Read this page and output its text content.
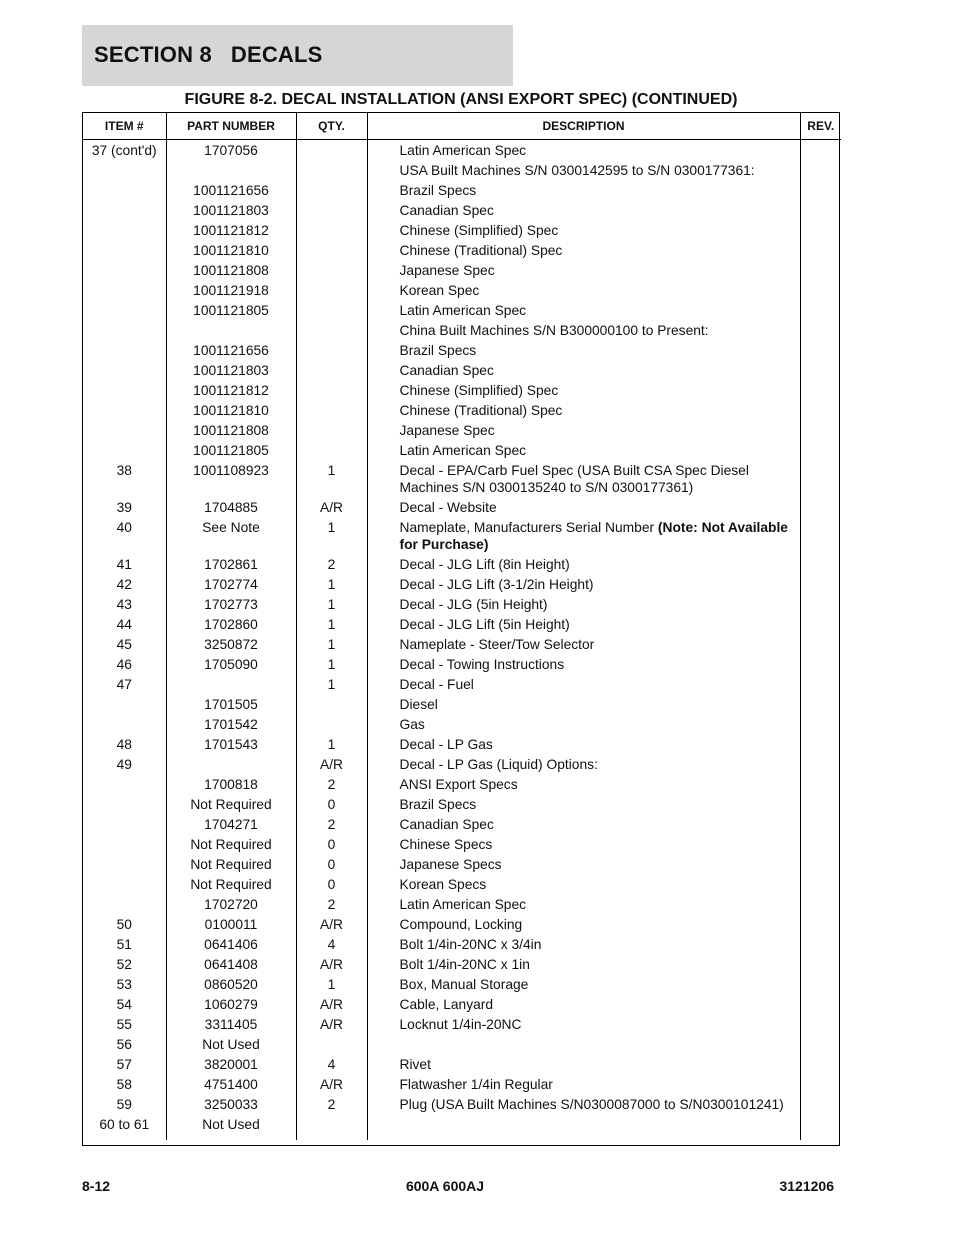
SECTION 8   DECALS
FIGURE 8-2. DECAL INSTALLATION (ANSI EXPORT SPEC) (CONTINUED)
ITEM #	PART NUMBER	QTY.	DESCRIPTION	REV.
37 (cont'd)	1707056		Latin American Spec	
			USA Built Machines S/N 0300142595 to S/N 0300177361:	
	1001121656		Brazil Specs	
	1001121803		Canadian Spec	
	1001121812		Chinese (Simplified) Spec	
	1001121810		Chinese (Traditional) Spec	
	1001121808		Japanese Spec	
	1001121918		Korean Spec	
	1001121805		Latin American Spec	
			China Built Machines S/N B300000100 to Present:	
	1001121656		Brazil Specs	
	1001121803		Canadian Spec	
	1001121812		Chinese (Simplified) Spec	
	1001121810		Chinese (Traditional) Spec	
	1001121808		Japanese Spec	
	1001121805		Latin American Spec	
38	1001108923	1	Decal - EPA/Carb Fuel Spec (USA Built CSA Spec Diesel Machines S/N 0300135240 to S/N 0300177361)	
39	1704885	A/R	Decal - Website	
40	See Note	1	Nameplate, Manufacturers Serial Number (Note: Not Available for Purchase)	
41	1702861	2	Decal - JLG Lift (8in Height)	
42	1702774	1	Decal - JLG Lift (3-1/2in Height)	
43	1702773	1	Decal - JLG (5in Height)	
44	1702860	1	Decal - JLG Lift (5in Height)	
45	3250872	1	Nameplate - Steer/Tow Selector	
46	1705090	1	Decal - Towing Instructions	
47		1	Decal - Fuel	
	1701505		Diesel	
	1701542		Gas	
48	1701543	1	Decal - LP Gas	
49		A/R	Decal - LP Gas (Liquid) Options:	
	1700818	2	ANSI Export Specs	
	Not Required	0	Brazil Specs	
	1704271	2	Canadian Spec	
	Not Required	0	Chinese Specs	
	Not Required	0	Japanese Specs	
	Not Required	0	Korean Specs	
	1702720	2	Latin American Spec	
50	0100011	A/R	Compound, Locking	
51	0641406	4	Bolt 1/4in-20NC x 3/4in	
52	0641408	A/R	Bolt 1/4in-20NC x 1in	
53	0860520	1	Box, Manual Storage	
54	1060279	A/R	Cable, Lanyard	
55	3311405	A/R	Locknut 1/4in-20NC	
56	Not Used			
57	3820001	4	Rivet	
58	4751400	A/R	Flatwasher 1/4in Regular	
59	3250033	2	Plug (USA Built Machines S/N0300087000 to S/N0300101241)	
60 to 61	Not Used			

8-12	600A 600AJ	3121206
